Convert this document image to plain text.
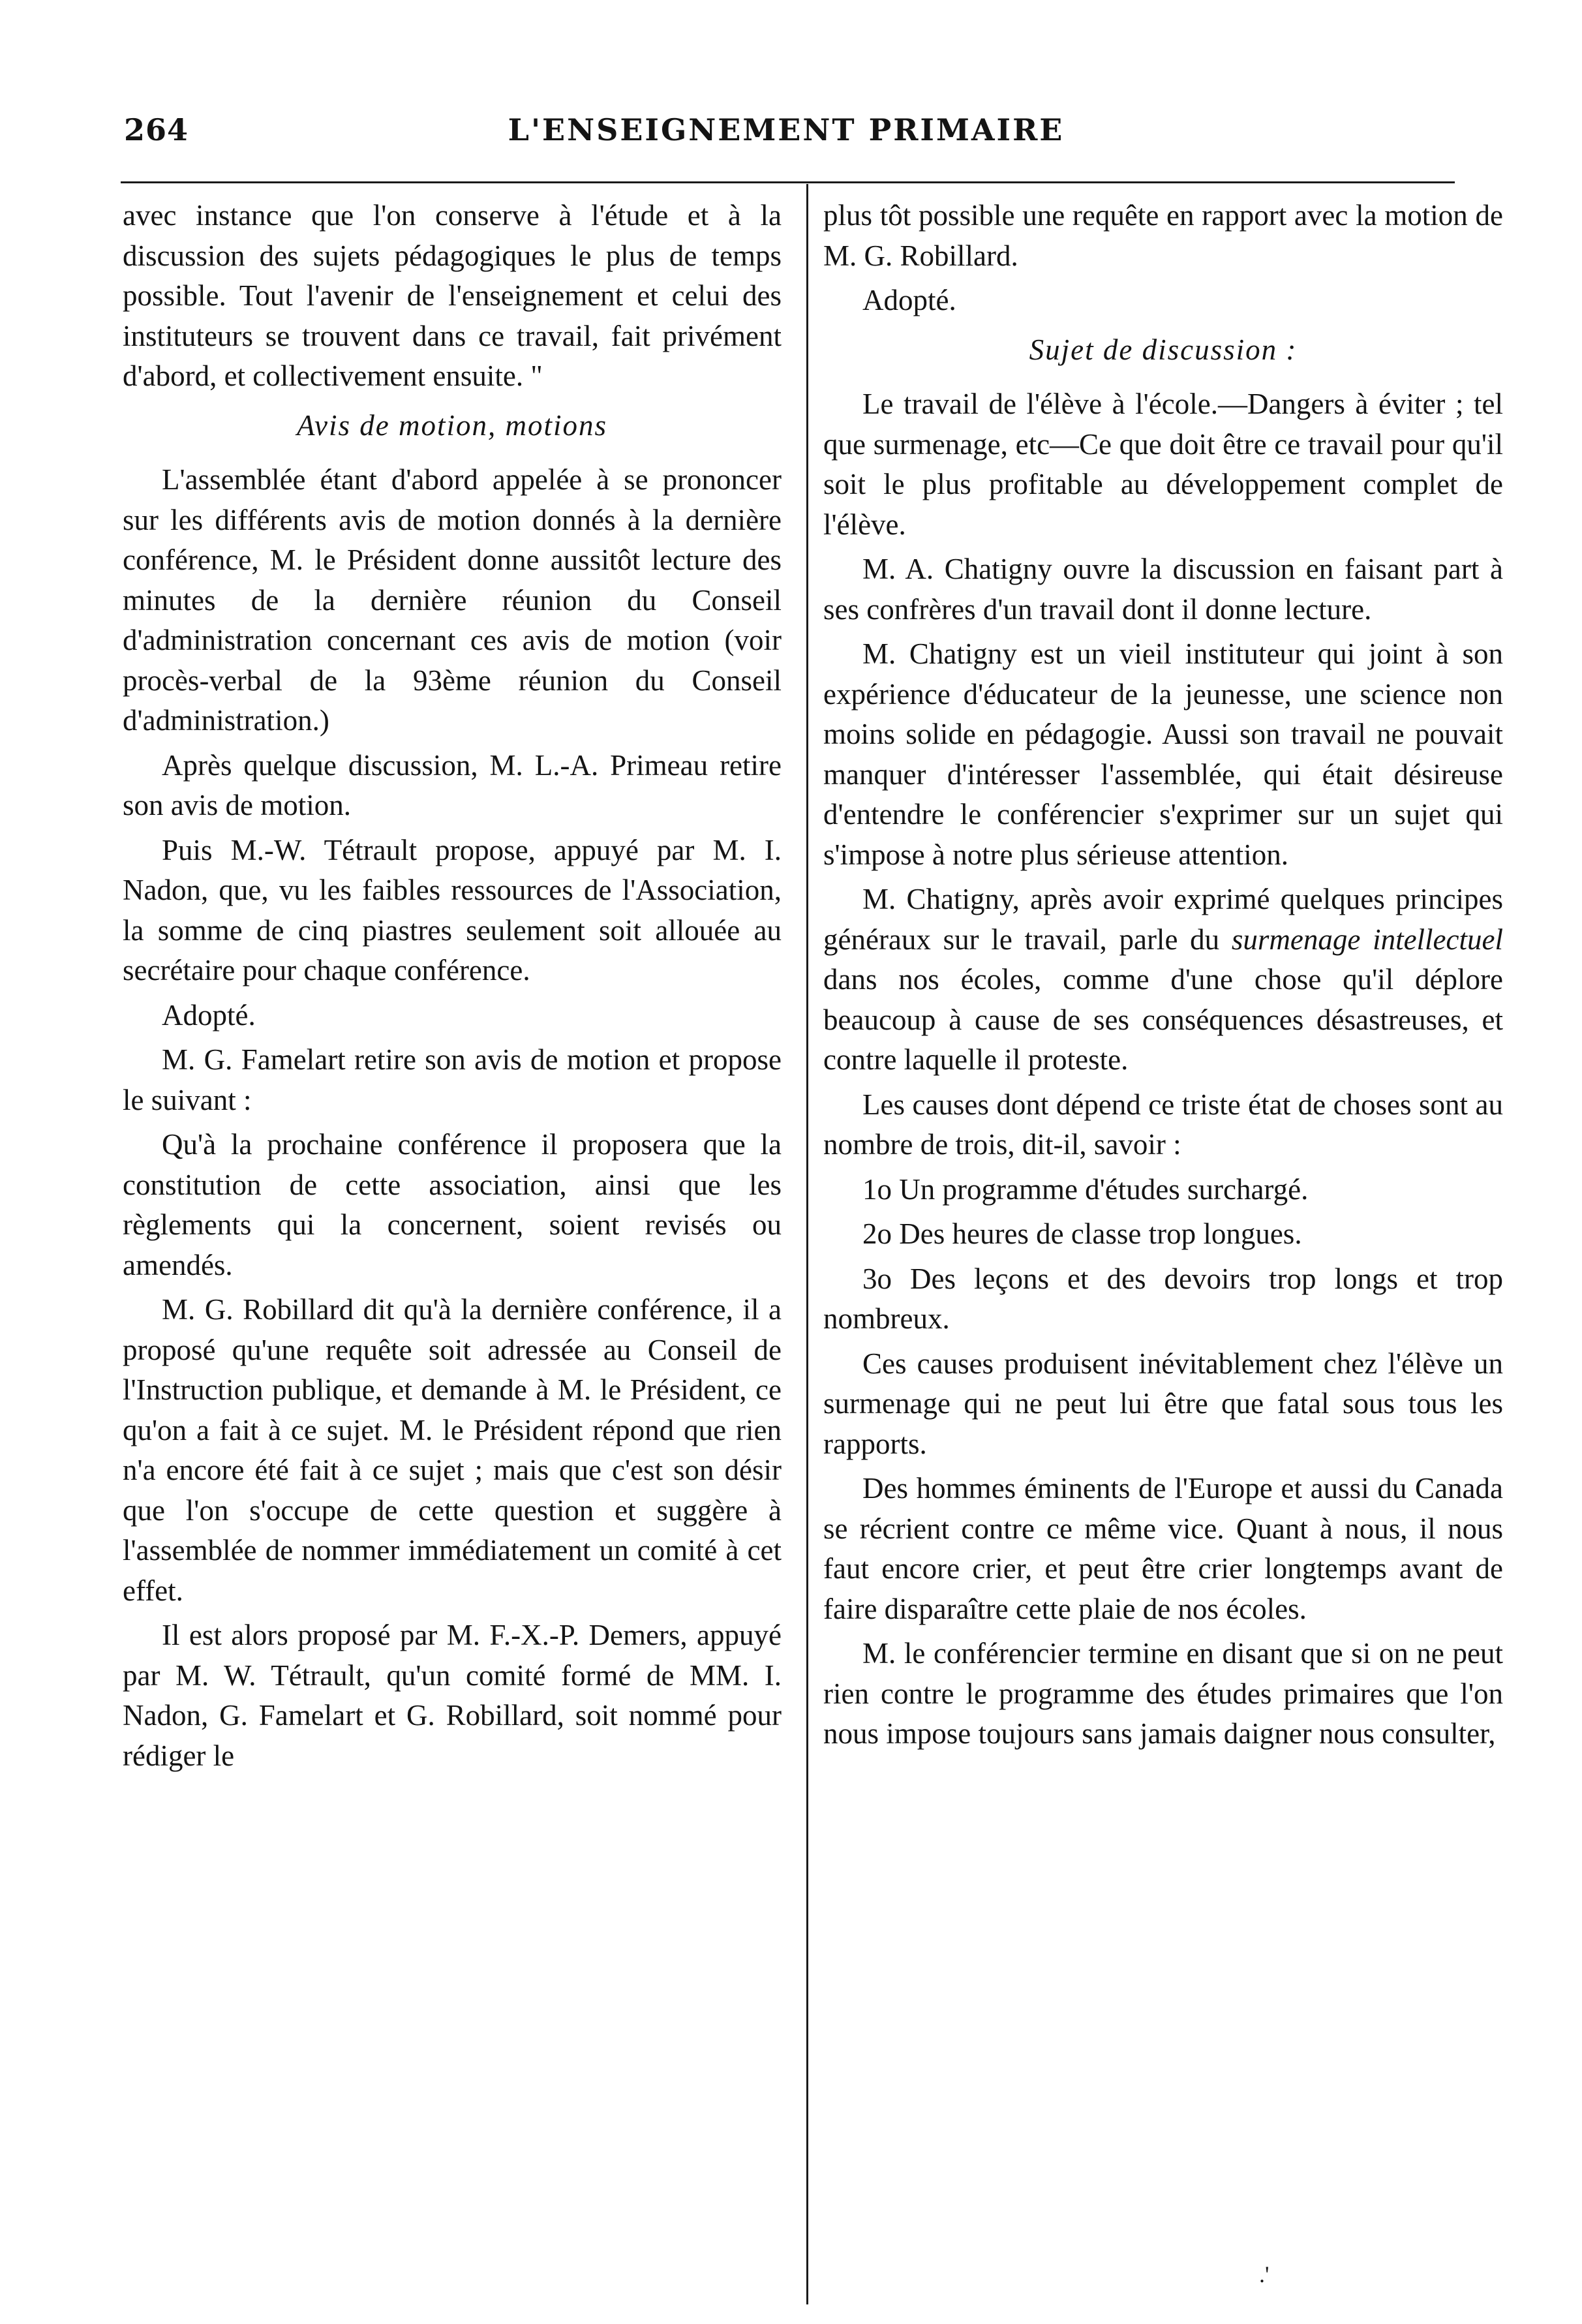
264	L'ENSEIGNEMENT PRIMAIRE

avec instance que l'on conserve à l'étude et à la discussion des sujets pédagogiques le plus de temps possible. Tout l'avenir de l'enseignement et celui des instituteurs se trouvent dans ce travail, fait privément d'abord, et collectivement ensuite. "

Avis de motion, motions

L'assemblée étant d'abord appelée à se prononcer sur les différents avis de motion donnés à la dernière conférence, M. le Président donne aussitôt lecture des minutes de la dernière réunion du Conseil d'administration concernant ces avis de motion (voir procès-verbal de la 93ème réunion du Conseil d'administration.)

Après quelque discussion, M. L.-A. Primeau retire son avis de motion.

Puis M.-W. Tétrault propose, appuyé par M. I. Nadon, que, vu les faibles ressources de l'Association, la somme de cinq piastres seulement soit allouée au secrétaire pour chaque conférence.

Adopté.

M. G. Famelart retire son avis de motion et propose le suivant :

Qu'à la prochaine conférence il proposera que la constitution de cette association, ainsi que les règlements qui la concernent, soient revisés ou amendés.

M. G. Robillard dit qu'à la dernière conférence, il a proposé qu'une requête soit adressée au Conseil de l'Instruction publique, et demande à M. le Président, ce qu'on a fait à ce sujet. M. le Président répond que rien n'a encore été fait à ce sujet ; mais que c'est son désir que l'on s'occupe de cette question et suggère à l'assemblée de nommer immédiatement un comité à cet effet.

Il est alors proposé par M. F.-X.-P. Demers, appuyé par M. W. Tétrault, qu'un comité formé de MM. I. Nadon, G. Famelart et G. Robillard, soit nommé pour rédiger le

plus tôt possible une requête en rapport avec la motion de M. G. Robillard.

Adopté.

Sujet de discussion :

Le travail de l'élève à l'école.—Dangers à éviter ; tel que surmenage, etc—Ce que doit être ce travail pour qu'il soit le plus profitable au développement complet de l'élève.

M. A. Chatigny ouvre la discussion en faisant part à ses confrères d'un travail dont il donne lecture.

M. Chatigny est un vieil instituteur qui joint à son expérience d'éducateur de la jeunesse, une science non moins solide en pédagogie. Aussi son travail ne pouvait manquer d'intéresser l'assemblée, qui était désireuse d'entendre le conférencier s'exprimer sur un sujet qui s'impose à notre plus sérieuse attention.

M. Chatigny, après avoir exprimé quelques principes généraux sur le travail, parle du surmenage intellectuel dans nos écoles, comme d'une chose qu'il déplore beaucoup à cause de ses conséquences désastreuses, et contre laquelle il proteste.

Les causes dont dépend ce triste état de choses sont au nombre de trois, dit-il, savoir :

1o Un programme d'études surchargé.

2o Des heures de classe trop longues.

3o Des leçons et des devoirs trop longs et trop nombreux.

Ces causes produisent inévitablement chez l'élève un surmenage qui ne peut lui être que fatal sous tous les rapports.

Des hommes éminents de l'Europe et aussi du Canada se récrient contre ce même vice. Quant à nous, il nous faut encore crier, et peut être crier longtemps avant de faire disparaître cette plaie de nos écoles.

M. le conférencier termine en disant que si on ne peut rien contre le programme des études primaires que l'on nous impose toujours sans jamais daigner nous consulter,

.'
